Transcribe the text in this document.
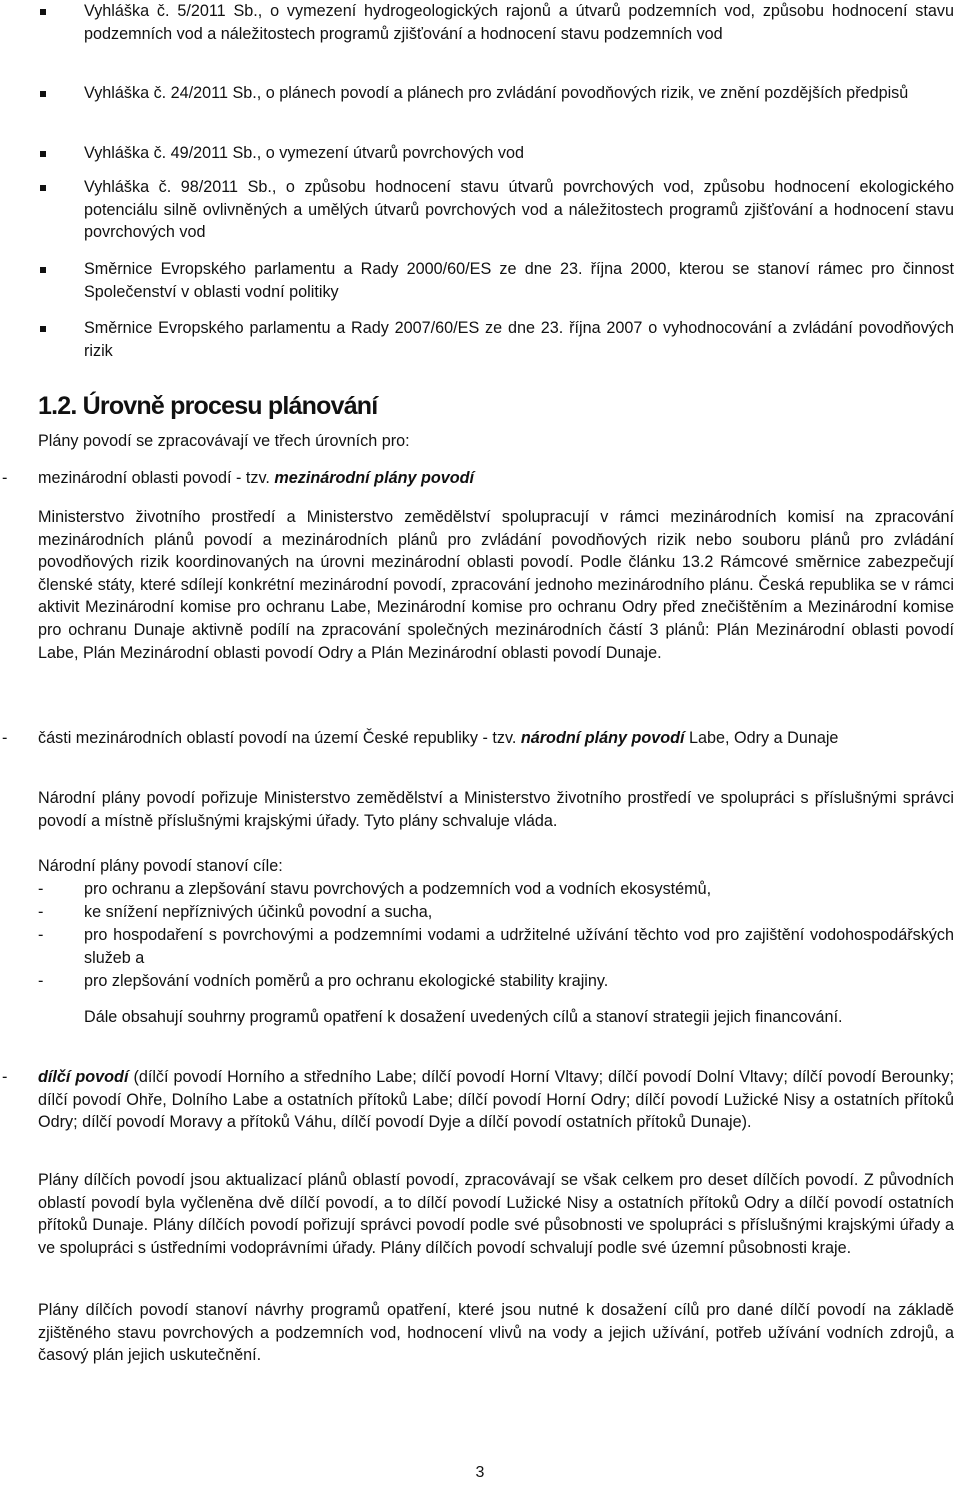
Vyhláška č. 5/2011 Sb., o vymezení hydrogeologických rajonů a útvarů podzemních vod, způsobu hodnocení stavu podzemních vod a náležitostech programů zjišťování a hodnocení stavu podzemních vod
Vyhláška č. 24/2011 Sb., o plánech povodí a plánech pro zvládání povodňových rizik, ve znění pozdějších předpisů
Vyhláška č. 49/2011 Sb., o vymezení útvarů povrchových vod
Vyhláška č. 98/2011 Sb., o způsobu hodnocení stavu útvarů povrchových vod, způsobu hodnocení ekologického potenciálu silně ovlivněných a umělých útvarů povrchových vod a náležitostech programů zjišťování a hodnocení stavu povrchových vod
Směrnice Evropského parlamentu a Rady 2000/60/ES ze dne 23. října 2000, kterou se stanoví rámec pro činnost Společenství v oblasti vodní politiky
Směrnice Evropského parlamentu a Rady 2007/60/ES ze dne 23. října 2007 o vyhodnocování a zvládání povodňových rizik
1.2. Úrovně procesu plánování
Plány povodí se zpracovávají ve třech úrovních pro:
- mezinárodní oblasti povodí - tzv. mezinárodní plány povodí
Ministerstvo životního prostředí a Ministerstvo zemědělství spolupracují v rámci mezinárodních komisí na zpracování mezinárodních plánů povodí a mezinárodních plánů pro zvládání povodňových rizik nebo souboru plánů pro zvládání povodňových rizik koordinovaných na úrovni mezinárodní oblasti povodí. Podle článku 13.2 Rámcové směrnice zabezpečují členské státy, které sdílejí konkrétní mezinárodní povodí, zpracování jednoho mezinárodního plánu. Česká republika se v rámci aktivit Mezinárodní komise pro ochranu Labe, Mezinárodní komise pro ochranu Odry před znečištěním a Mezinárodní komise pro ochranu Dunaje aktivně podílí na zpracování společných mezinárodních částí 3 plánů: Plán Mezinárodní oblasti povodí Labe, Plán Mezinárodní oblasti povodí Odry a Plán Mezinárodní oblasti povodí Dunaje.
- části mezinárodních oblastí povodí na území České republiky - tzv. národní plány povodí Labe, Odry a Dunaje
Národní plány povodí pořizuje Ministerstvo zemědělství a Ministerstvo životního prostředí ve spolupráci s příslušnými správci povodí a místně příslušnými krajskými úřady. Tyto plány schvaluje vláda.
Národní plány povodí stanoví cíle:
-	pro ochranu a zlepšování stavu povrchových a podzemních vod a vodních ekosystémů,
-	ke snížení nepříznivých účinků povodní a sucha,
-	pro hospodaření s povrchovými a podzemními vodami a udržitelné užívání těchto vod pro zajištění vodohospodářských služeb a
-	pro zlepšování vodních poměrů a pro ochranu ekologické stability krajiny.
Dále obsahují souhrny programů opatření k dosažení uvedených cílů a stanoví strategii jejich financování.
- dílčí povodí (dílčí povodí Horního a středního Labe; dílčí povodí Horní Vltavy; dílčí povodí Dolní Vltavy; dílčí povodí Berounky; dílčí povodí Ohře, Dolního Labe a ostatních přítoků Labe; dílčí povodí Horní Odry; dílčí povodí Lužické Nisy a ostatních přítoků Odry; dílčí povodí Moravy a přítoků Váhu, dílčí povodí Dyje a dílčí povodí ostatních přítoků Dunaje).
Plány dílčích povodí jsou aktualizací plánů oblastí povodí, zpracovávají se však celkem pro deset dílčích povodí. Z původních oblastí povodí byla vyčleněna dvě dílčí povodí, a to dílčí povodí Lužické Nisy a ostatních přítoků Odry a dílčí povodí ostatních přítoků Dunaje. Plány dílčích povodí pořizují správci povodí podle své působnosti ve spolupráci s příslušnými krajskými úřady a ve spolupráci s ústředními vodoprávními úřady. Plány dílčích povodí schvalují podle své územní působnosti kraje.
Plány dílčích povodí stanoví návrhy programů opatření, které jsou nutné k dosažení cílů pro dané dílčí povodí na základě zjištěného stavu povrchových a podzemních vod, hodnocení vlivů na vody a jejich užívání, potřeb užívání vodních zdrojů, a časový plán jejich uskutečnění.
3
